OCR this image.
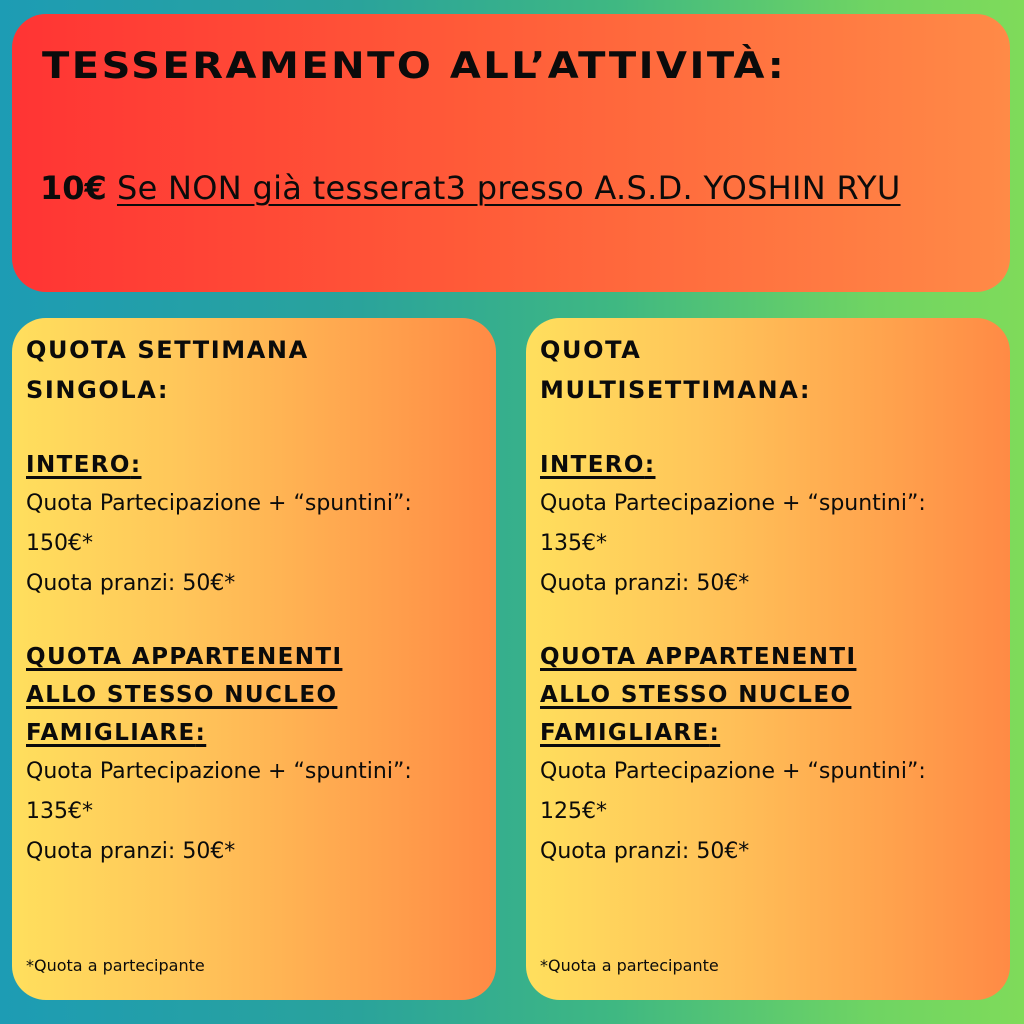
TESSERAMENTO ALL’ATTIVITÀ:
10€ Se NON già tesserat3 presso A.S.D. YOSHIN RYU

QUOTA SETTIMANA

SINGOLA:

INTERO:

Quota Partecipazione + “spuntini”:

150€*

Quota pranzi: 50€*

QUOTA APPARTENENTI

ALLO STESSO NUCLEO

FAMIGLIARE:

Quota Partecipazione + “spuntini”:

135€*

Quota pranzi: 50€*

*Quota a partecipante

QUOTA

MULTISETTIMANA:

INTERO:

Quota Partecipazione + “spuntini”:

135€*

Quota pranzi: 50€*

QUOTA APPARTENENTI

ALLO STESSO NUCLEO

FAMIGLIARE:

Quota Partecipazione + “spuntini”:

125€*

Quota pranzi: 50€*

*Quota a partecipante
